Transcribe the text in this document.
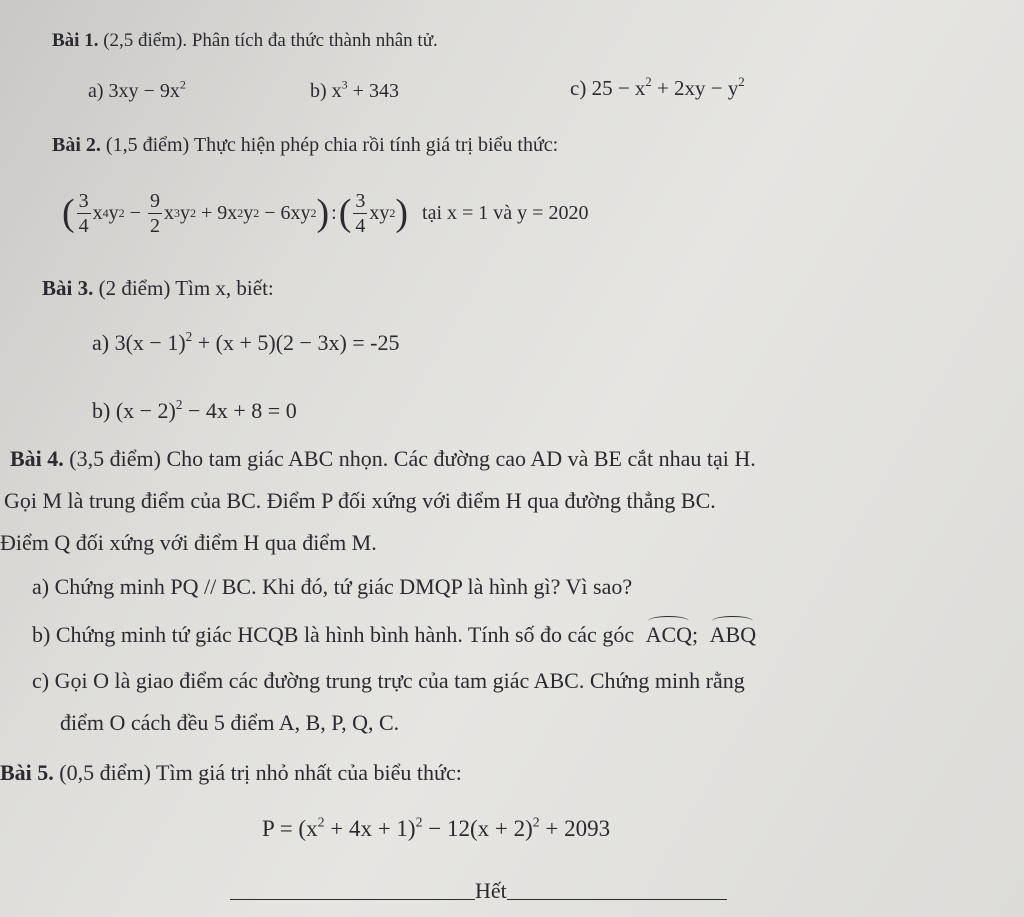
Bài 1. (2,5 điểm). Phân tích đa thức thành nhân tử.
a) $3xy - 9x^2$	b) $x^3 + 343$	c) $25 - x^2 + 2xy - y^2$
Bài 2. (1,5 điểm) Thực hiện phép chia rồi tính giá trị biểu thức:
( $\frac{3}{4}$ x 4 y $2 - \frac{9}{2}$ x 3 y 2 + 9x 2 y 2 − 6xy 2 ) : ( $\frac{3}{4}$ xy 2 ) tại x = 1 và y = 2020
Bài 3. (2 điểm) Tìm x, biết:
a) $3(x - 1)^2 + (x + 5)(2 - 3x) = -25$
b) $(x - 2)^2 - 4x + 8 = 0$
Bài 4. (3,5 điểm) Cho tam giác ABC nhọn. Các đường cao AD và BE cắt nhau tại H.
Gọi M là trung điểm của BC. Điểm P đối xứng với điểm H qua đường thẳng BC.
Điểm Q đối xứng với điểm H qua điểm M.
a) Chứng minh PQ // BC. Khi đó, tứ giác DMQP là hình gì? Vì sao?
b) Chứng minh tứ giác HCQB là hình bình hành. Tính số đo các góc ACQ; ABQ
c) Gọi O là giao điểm các đường trung trực của tam giác ABC. Chứng minh rằng
điểm O cách đều 5 điểm A, B, P, Q, C.
Bài 5. (0,5 điểm) Tìm giá trị nhỏ nhất của biểu thức:
$P = (x^2 + 4x + 1)^2 - 12(x + 2)^2 + 2093$
Hết
